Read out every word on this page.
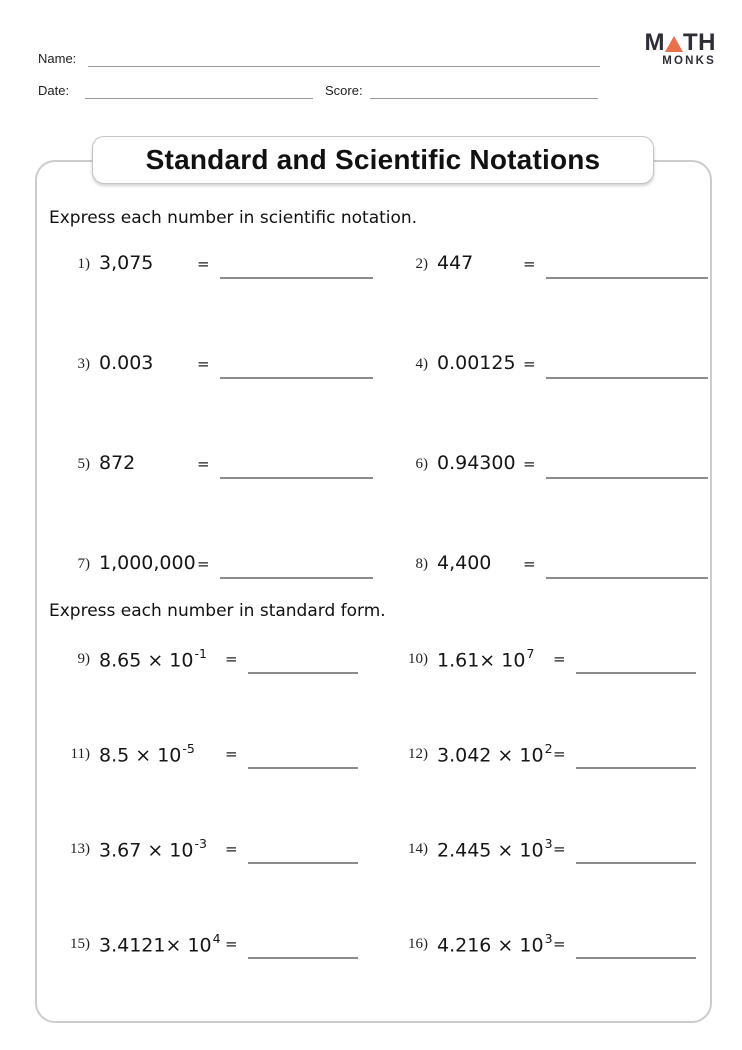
Name:
Date:	Score:
M TH
MONKS
Standard and Scientific Notations
Express each number in scientific notation.
1) 3,075	=	2) 447	=
3) 0.003	=	4) 0.00125 =
5) 872	=	6) 0.94300 =
7) 1,000,000 =	8) 4,400	=
Express each number in standard form.
9) $8.65 \times 10^{-1}$	=	10) $1.61\times 10^7$	=
11) $8.5 \times 10^{-5}$	=	12) $3.042 \times 10^2$ =
13) $3.67 \times 10^{-3}$	=	14) $2.445 \times 10^3$ =
15) $3.4121\times 10^4$ =	16) $4.216 \times 10^3$ =
